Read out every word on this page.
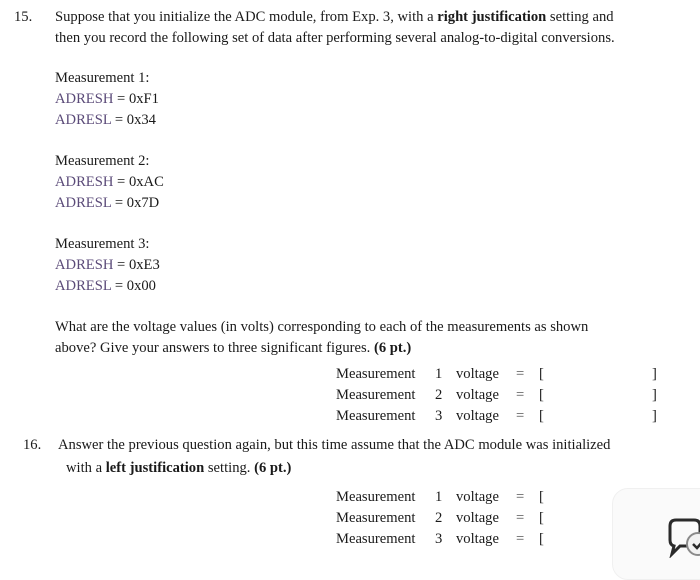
15. Suppose that you initialize the ADC module, from Exp. 3, with a right justification setting and
then you record the following set of data after performing several analog-to-digital conversions.
Measurement 1:
ADRESH = 0xF1
ADRESL = 0x34
Measurement 2:
ADRESH = 0xAC
ADRESL = 0x7D
Measurement 3:
ADRESH = 0xE3
ADRESL = 0x00
What are the voltage values (in volts) corresponding to each of the measurements as shown
above? Give your answers to three significant figures. (6 pt.)
Measurement 1 voltage = [	]
Measurement 2 voltage = [	]
Measurement 3 voltage = [	]
16. Answer the previous question again, but this time assume that the ADC module was initialized
with a left justification setting. (6 pt.)
Measurement 1 voltage = [
Measurement 2 voltage = [
Measurement 3 voltage = [
